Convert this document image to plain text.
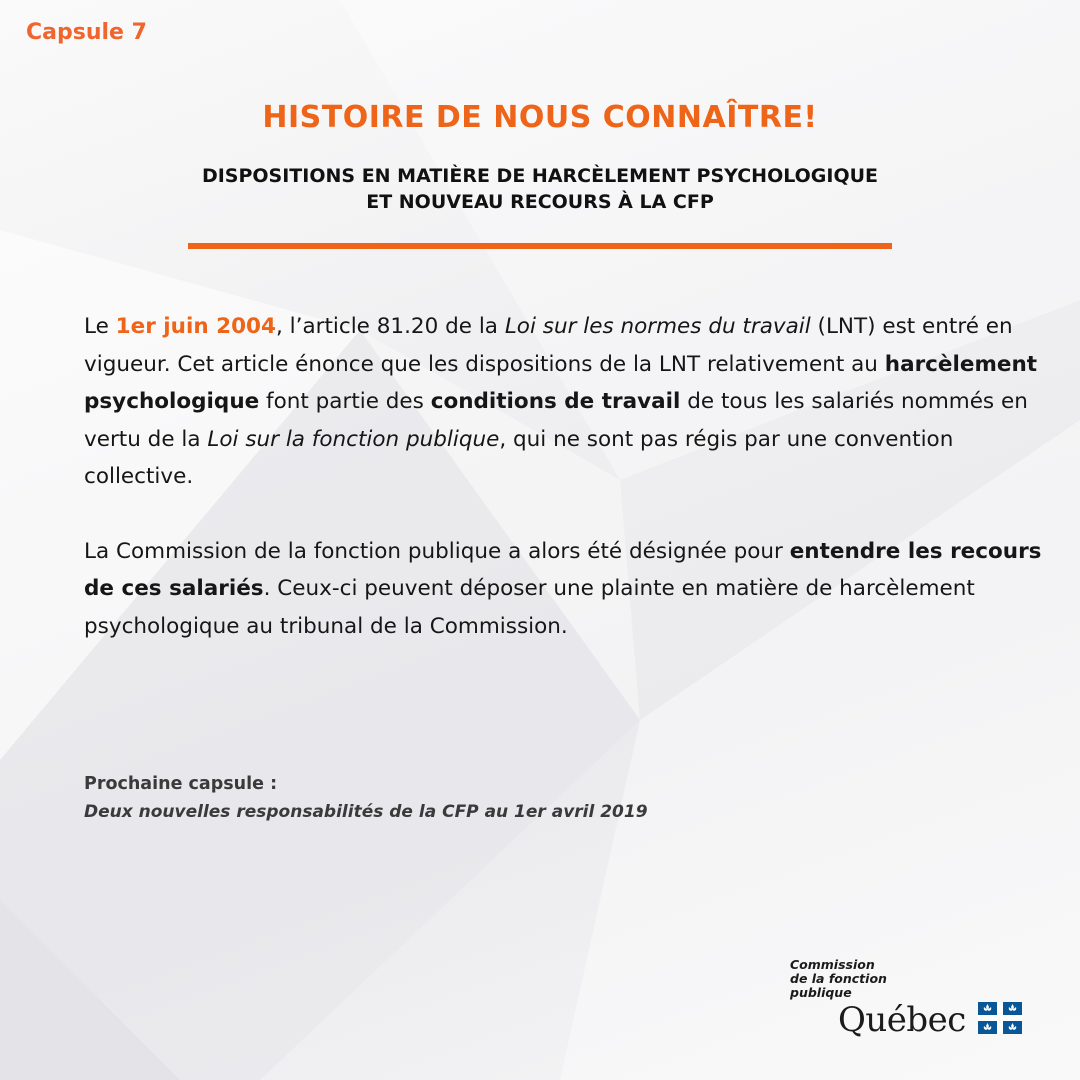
Capsule 7

HISTOIRE DE NOUS CONNAÎTRE!
DISPOSITIONS EN MATIÈRE DE HARCÈLEMENT PSYCHOLOGIQUE
ET NOUVEAU RECOURS À LA CFP

Le 1er juin 2004, l’article 81.20 de la Loi sur les normes du travail (LNT) est entré en vigueur. Cet article énonce que les dispositions de la LNT relativement au harcèlement psychologique font partie des conditions de travail de tous les salariés nommés en vertu de la Loi sur la fonction publique, qui ne sont pas régis par une convention collective.

La Commission de la fonction publique a alors été désignée pour entendre les recours de ces salariés. Ceux-ci peuvent déposer une plainte en matière de harcèlement psychologique au tribunal de la Commission.

Prochaine capsule :

Deux nouvelles responsabilités de la CFP au 1er avril 2019

Commission
de la fonction
publique
Québec
